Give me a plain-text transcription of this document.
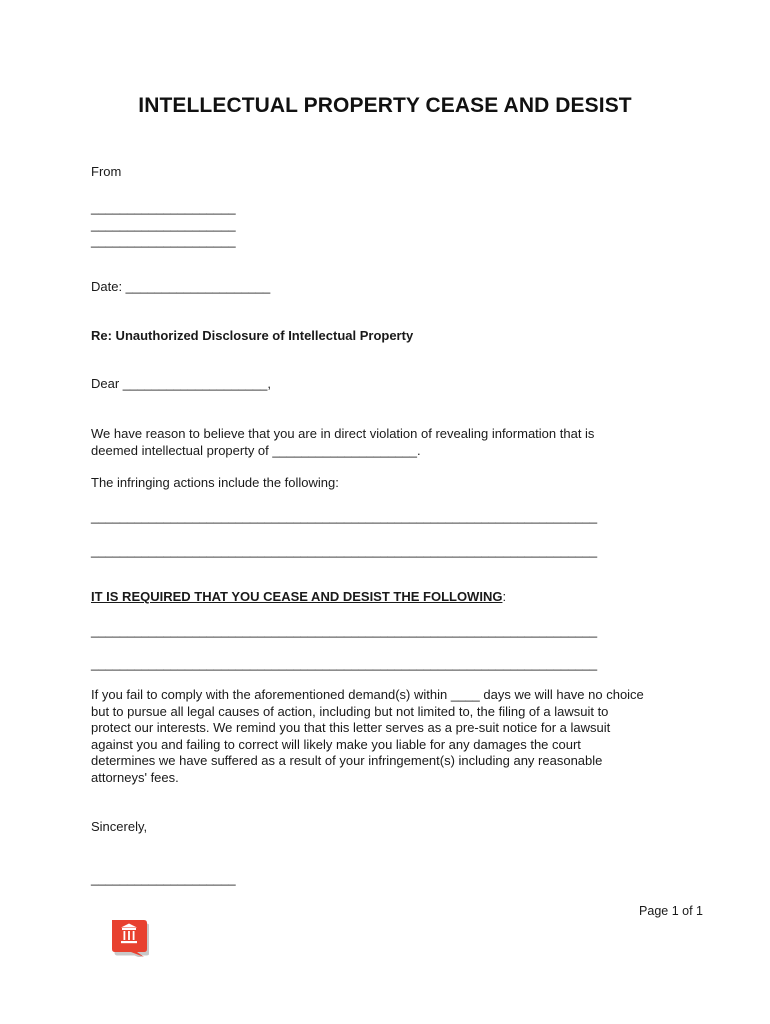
INTELLECTUAL PROPERTY CEASE AND DESIST
From
____________________
____________________
____________________
Date: ____________________
Re: Unauthorized Disclosure of Intellectual Property
Dear ____________________,
We have reason to believe that you are in direct violation of revealing information that is
deemed intellectual property of ____________________.
The infringing actions include the following:
______________________________________________________________________
______________________________________________________________________
IT IS REQUIRED THAT YOU CEASE AND DESIST THE FOLLOWING:
______________________________________________________________________
______________________________________________________________________
If you fail to comply with the aforementioned demand(s) within ____ days we will have no choice
but to pursue all legal causes of action, including but not limited to, the filing of a lawsuit to
protect our interests. We remind you that this letter serves as a pre-suit notice for a lawsuit
against you and failing to correct will likely make you liable for any damages the court
determines we have suffered as a result of your infringement(s) including any reasonable
attorneys' fees.
Sincerely,
____________________
Page 1 of 1
